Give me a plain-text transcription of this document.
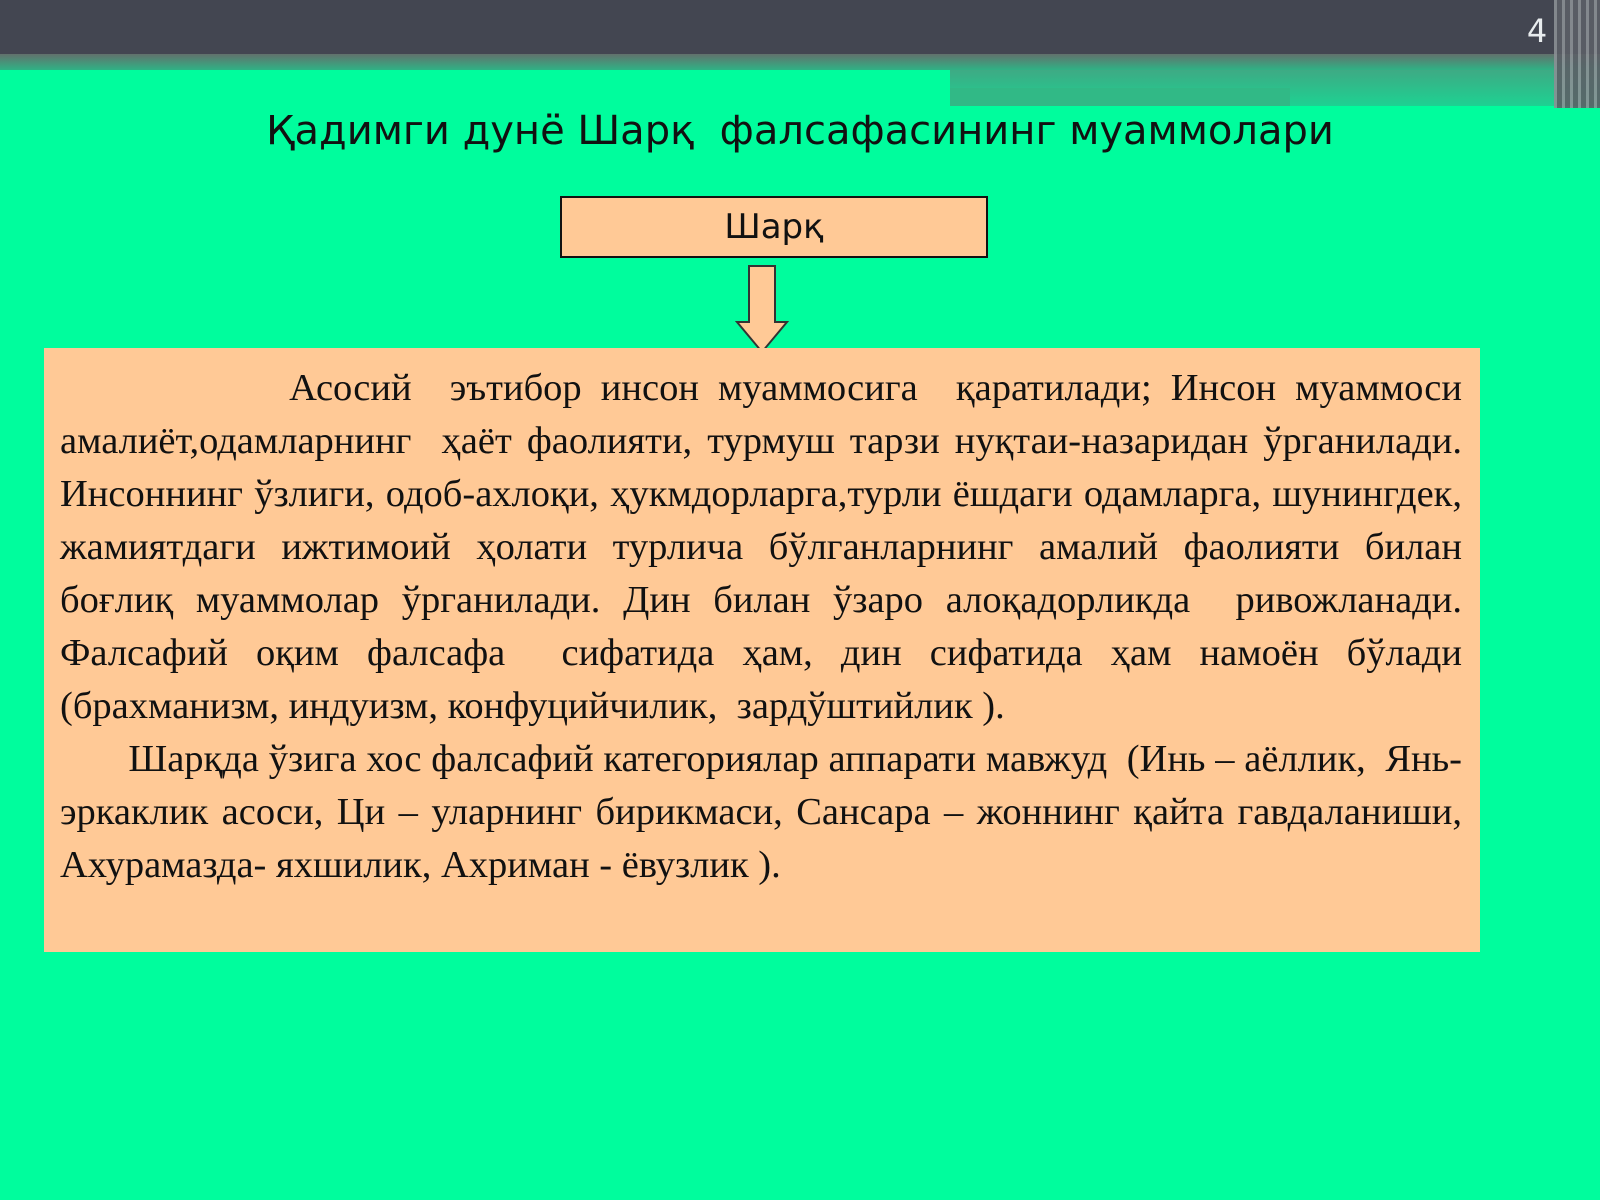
4
Қадимги дунё Шарқ  фалсафасининг муаммолари
Шарқ

Асосий  эътибор инсон муаммосига  қаратилади; Инсон муаммоси амалиёт,одамларнинг  ҳаёт фаолияти, турмуш тарзи нуқтаи-назаридан ўрганилади. Инсоннинг ўзлиги, одоб-ахлоқи, ҳукмдорларга,турли ёшдаги одамларга, шунингдек, жамиятдаги ижтимоий ҳолати турлича бўлганларнинг амалий фаолияти билан боғлиқ муаммолар ўрганилади. Дин билан ўзаро алоқадорликда  ривожланади. Фалсафий оқим фалсафа  сифатида ҳам, дин сифатида ҳам намоён бўлади  (брахманизм, индуизм, конфуцийчилик,  зардўштийлик ).

Шарқда ўзига хос фалсафий категориялар аппарати мавжуд  (Инь – аёллик,  Янь-эркаклик асоси, Ци – уларнинг бирикмаси, Сансара – жоннинг қайта гавдаланиши, Ахурамазда- яхшилик, Ахриман - ёвузлик ).
